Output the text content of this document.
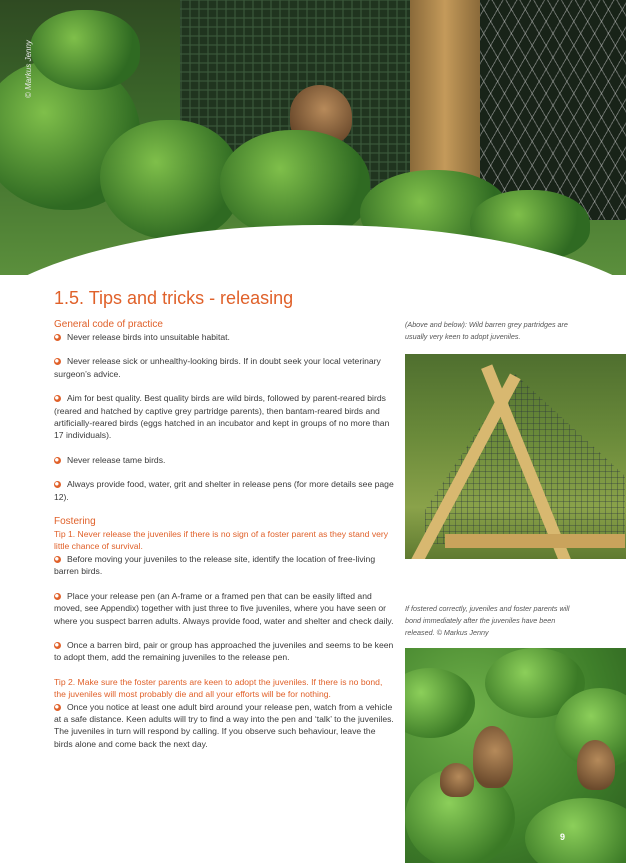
© Markus Jenny
1.5. Tips and tricks - releasing

General code of practice

Never release birds into unsuitable habitat.

Never release sick or unhealthy-looking birds. If in doubt seek your local veterinary surgeon’s advice.

Aim for best quality. Best quality birds are wild birds, followed by parent-reared birds (reared and hatched by captive grey partridge parents), then bantam-reared birds and artificially-reared birds (eggs hatched in an incubator and kept in groups of no more than 17 individuals).

Never release tame birds.

Always provide food, water, grit and shelter in release pens (for more details see page 12).

Fostering

Tip 1. Never release the juveniles if there is no sign of a foster parent as they stand very little chance of survival.

Before moving your juveniles to the release site, identify the location of free-living barren birds.

Place your release pen (an A-frame or a framed pen that can be easily lifted and moved, see Appendix) together with just three to five juveniles, where you have seen or where you suspect barren adults. Always provide food, water and shelter and check daily.

Once a barren bird, pair or group has approached the juveniles and seems to be keen to adopt them, add the remaining juveniles to the release pen.

Tip 2. Make sure the foster parents are keen to adopt the juveniles. If there is no bond, the juveniles will most probably die and all your efforts will be for nothing.

Once you notice at least one adult bird around your release pen, watch from a vehicle at a safe distance. Keen adults will try to find a way into the pen and ‘talk’ to the juveniles. The juveniles in turn will respond by calling. If you observe such behaviour, leave the birds alone and come back the next day.

(Above and below): Wild barren grey partridges are usually very keen to adopt juveniles.
If fostered correctly, juveniles and foster parents will bond immediately after the juveniles have been released. © Markus Jenny
9
